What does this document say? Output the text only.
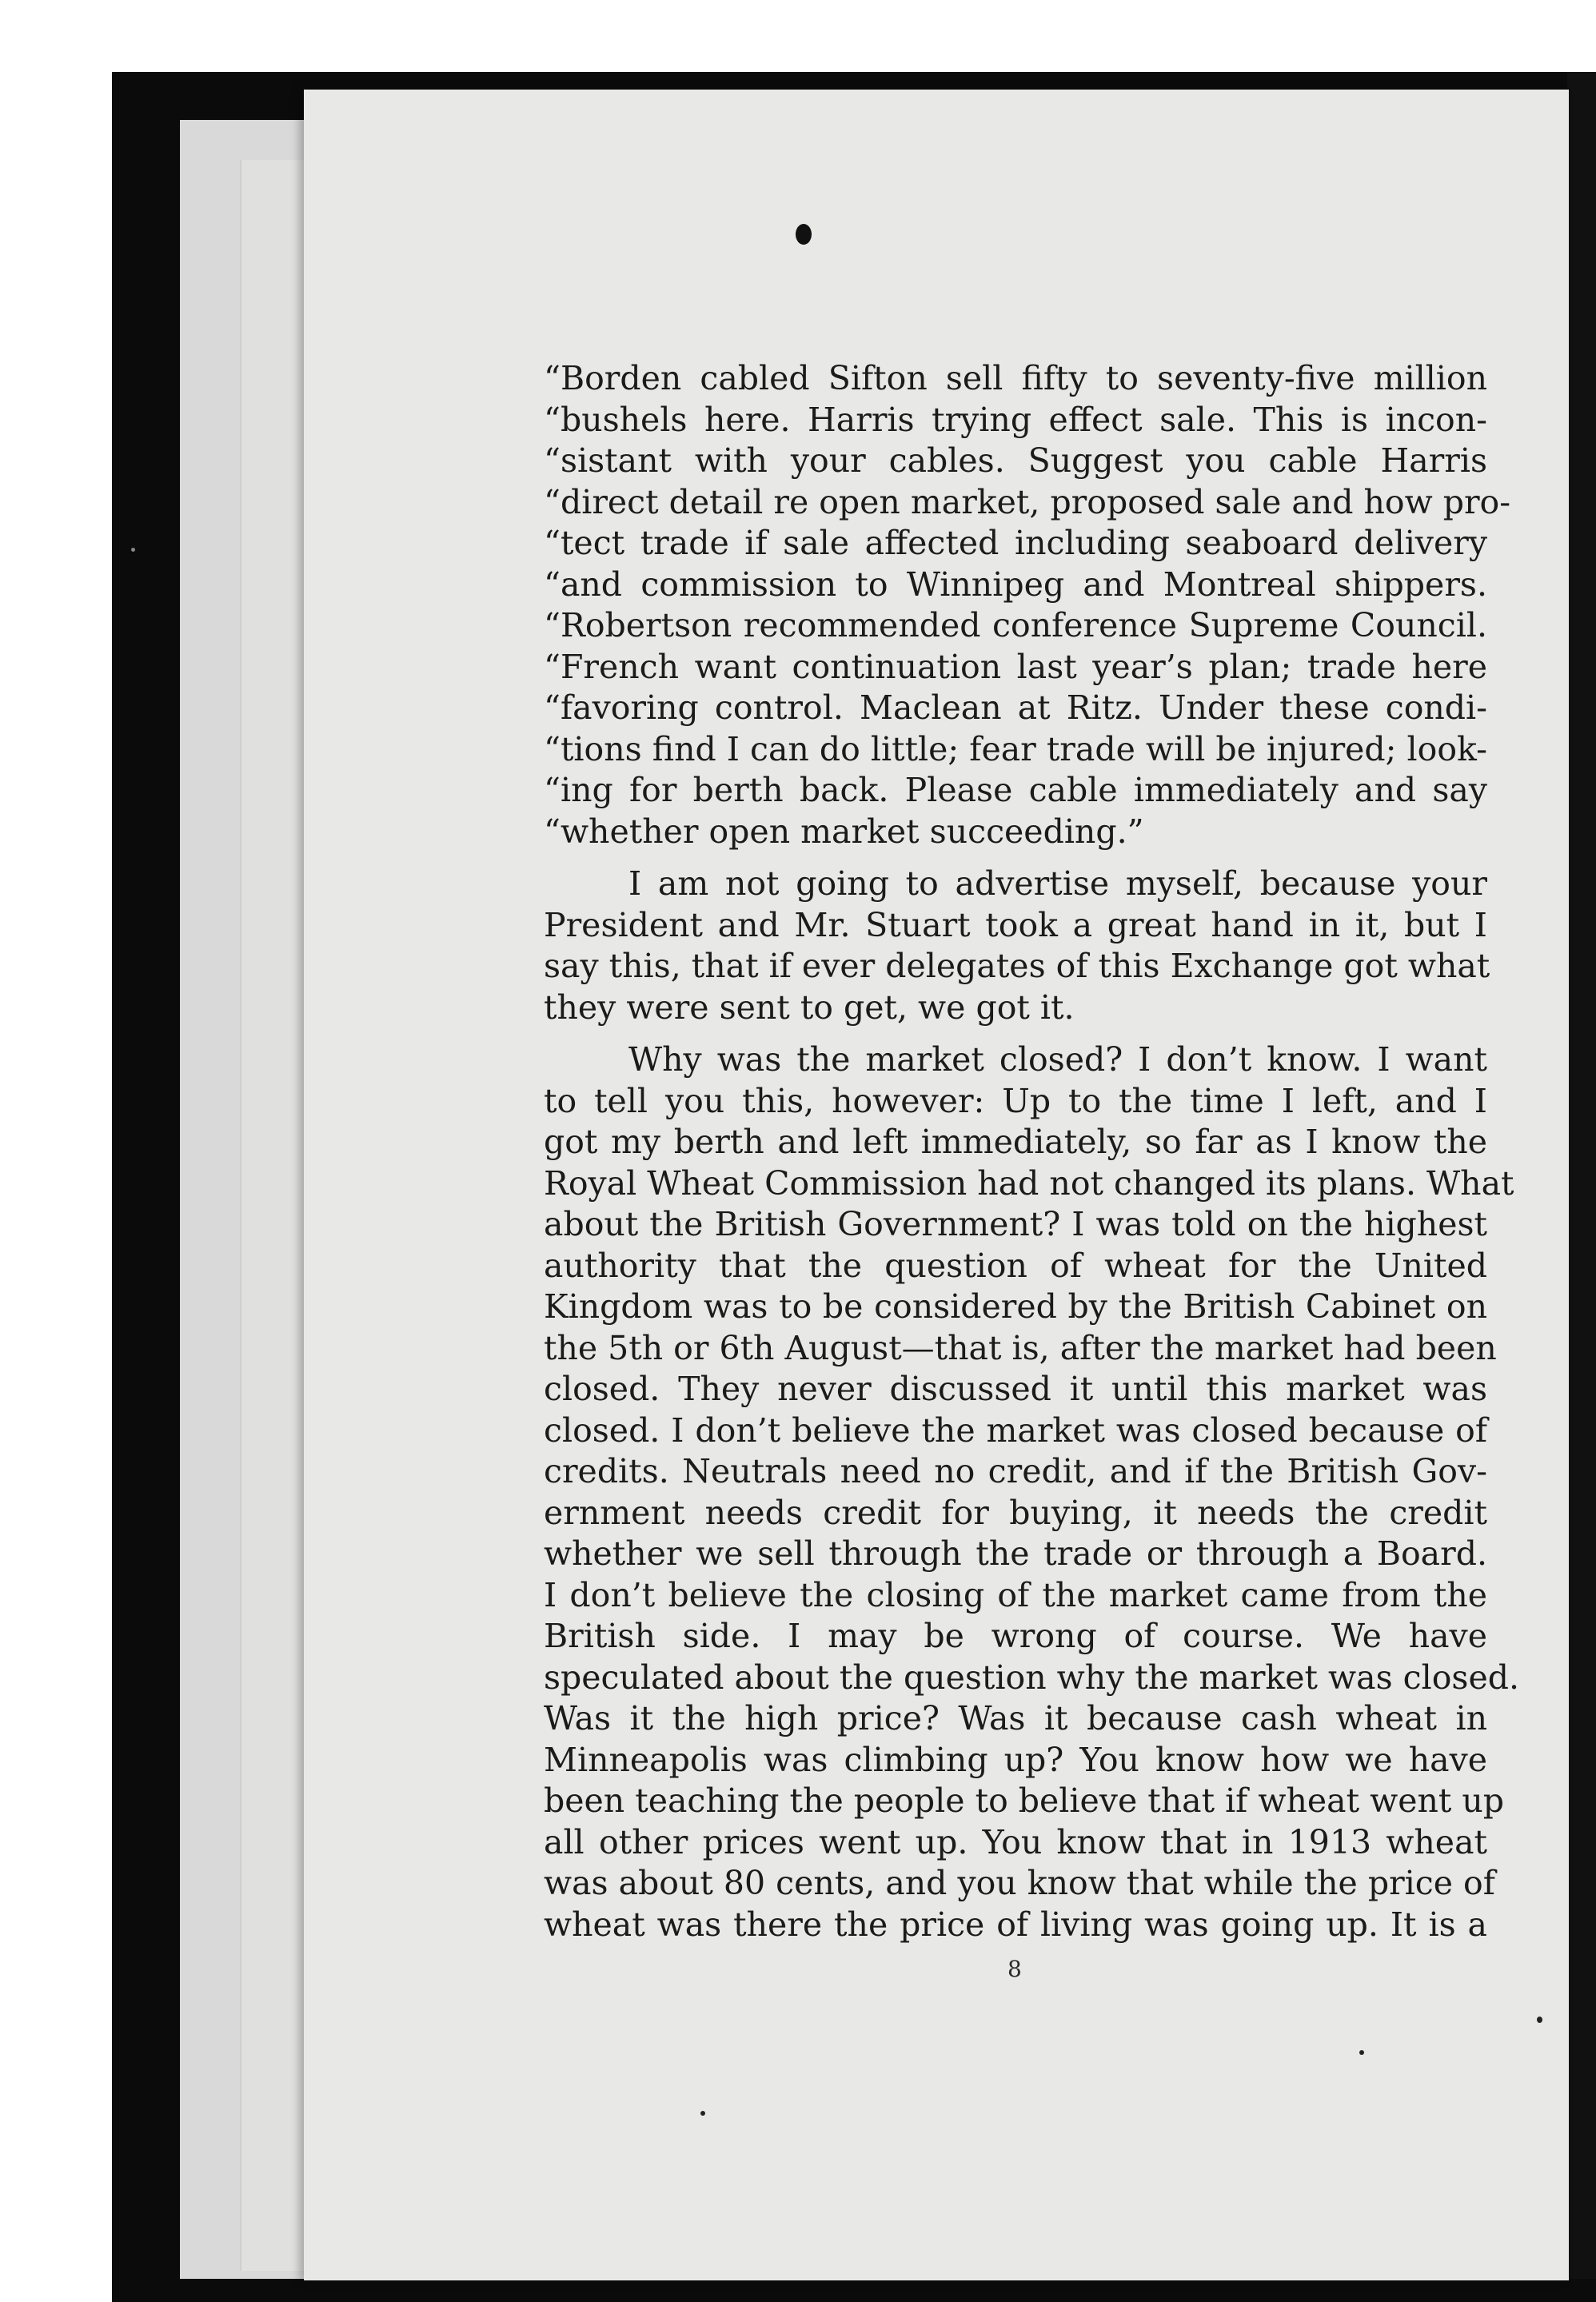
“Borden cabled Sifton sell fifty to seventy-five million
“bushels here. Harris trying effect sale. This is incon-
“sistant with your cables. Suggest you cable Harris
“direct detail re open market, proposed sale and how pro-
“tect trade if sale affected including seaboard delivery
“and commission to Winnipeg and Montreal shippers.
“Robertson recommended conference Supreme Council.
“French want continuation last year’s plan; trade here
“favoring control. Maclean at Ritz. Under these condi-
“tions find I can do little; fear trade will be injured; look-
“ing for berth back. Please cable immediately and say
“whether open market succeeding.”
I am not going to advertise myself, because your
President and Mr. Stuart took a great hand in it, but I
say this, that if ever delegates of this Exchange got what
they were sent to get, we got it.
Why was the market closed? I don’t know. I want
to tell you this, however: Up to the time I left, and I
got my berth and left immediately, so far as I know the
Royal Wheat Commission had not changed its plans. What
about the British Government? I was told on the highest
authority that the question of wheat for the United
Kingdom was to be considered by the British Cabinet on
the 5th or 6th August—that is, after the market had been
closed. They never discussed it until this market was
closed. I don’t believe the market was closed because of
credits. Neutrals need no credit, and if the British Gov-
ernment needs credit for buying, it needs the credit
whether we sell through the trade or through a Board.
I don’t believe the closing of the market came from the
British side. I may be wrong of course. We have
speculated about the question why the market was closed.
Was it the high price? Was it because cash wheat in
Minneapolis was climbing up? You know how we have
been teaching the people to believe that if wheat went up
all other prices went up. You know that in 1913 wheat
was about 80 cents, and you know that while the price of
wheat was there the price of living was going up. It is a
8
